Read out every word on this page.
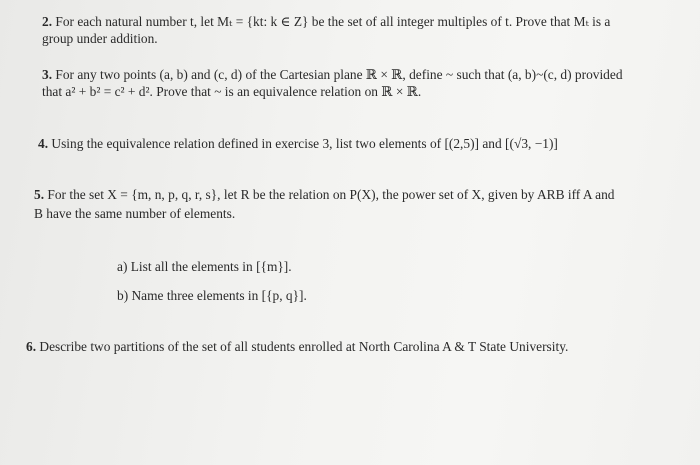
2. For each natural number t, let Mₜ = {kt: k ∈ Z} be the set of all integer multiples of t. Prove that Mₜ is a
group under addition.
3. For any two points (a, b) and (c, d) of the Cartesian plane ℝ × ℝ, define ~ such that (a, b)~(c, d) provided
that a² + b² = c² + d². Prove that ~ is an equivalence relation on ℝ × ℝ.
4. Using the equivalence relation defined in exercise 3, list two elements of [(2,5)] and [(√3, −1)]
5. For the set X = {m, n, p, q, r, s}, let R be the relation on P(X), the power set of X, given by ARB iff A and
B have the same number of elements.
a) List all the elements in [{m}].
b) Name three elements in [{p, q}].
6. Describe two partitions of the set of all students enrolled at North Carolina A & T State University.
